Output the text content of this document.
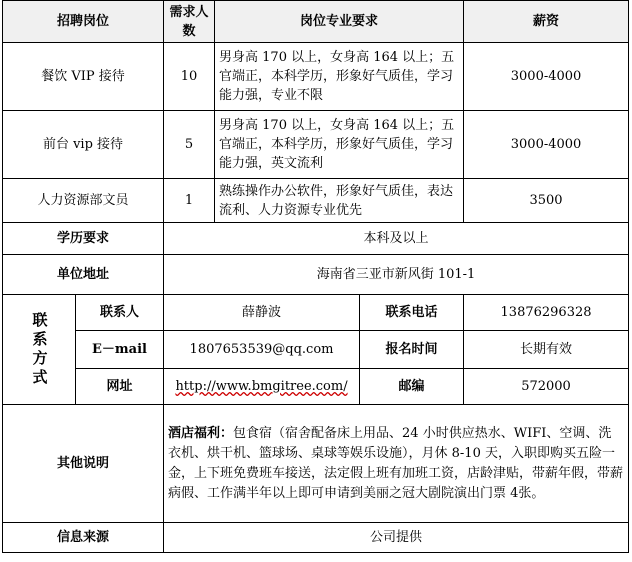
招聘岗位		需求人数	岗位专业要求		薪资
餐饮 VIP 接待		10	男身高 170 以上，女身高 164 以上；五官端正，本科学历，形象好气质佳，学习能力强，专业不限		3000-4000
前台 vip 接待		5	男身高 170 以上，女身高 164 以上；五官端正，本科学历，形象好气质佳，学习能力强，英文流利		3000-4000
人力资源部文员		1	熟练操作办公软件，形象好气质佳，表达流利、人力资源专业优先		3500
学历要求		本科及以上			
单位地址		海南省三亚市新风街 101-1			

联系方式	联系人	薛静波		联系电话	13876296328
	E－mail	1807653539@qq.com		报名时间	长期有效
	网址	http://www.bmgitree.com/		邮编	572000
其他说明		酒店福利：包食宿（宿舍配备床上用品、24 小时供应热水、WIFI、空调、洗衣机、烘干机、篮球场、桌球等娱乐设施），月休 8-10 天，入职即购买五险一金，上下班免费班车接送，法定假上班有加班工资，店龄津贴，带薪年假，带薪病假、工作满半年以上即可申请到美丽之冠大剧院演出门票 4张。			
信息来源		公司提供			
